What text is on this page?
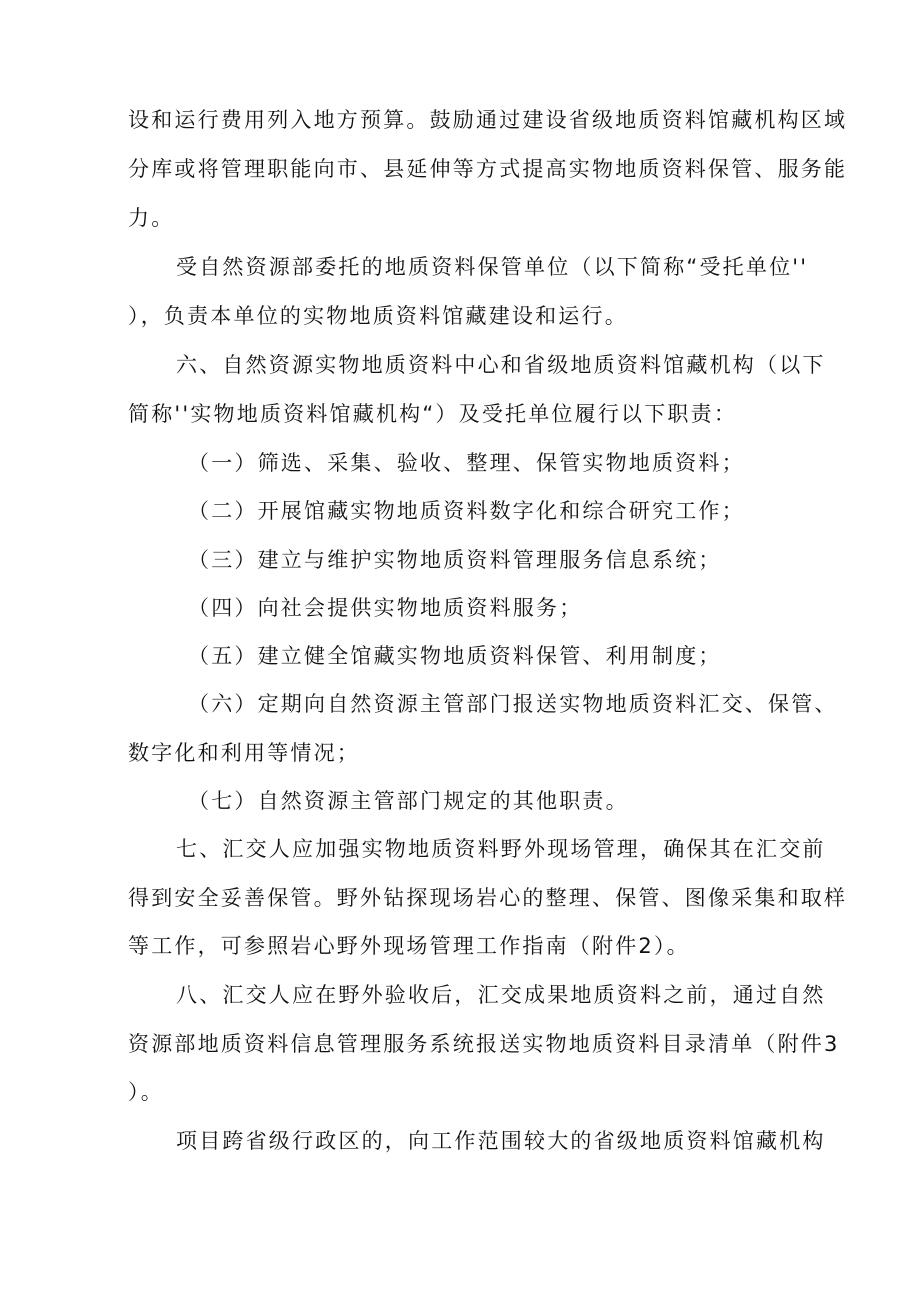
设和运行费用列入地方预算。鼓励通过建设省级地质资料馆藏机构区域
分库或将管理职能向市、县延伸等方式提高实物地质资料保管、服务能
力。
受自然资源部委托的地质资料保管单位（以下简称“受托单位''
），负责本单位的实物地质资料馆藏建设和运行。
六、自然资源实物地质资料中心和省级地质资料馆藏机构（以下
简称''实物地质资料馆藏机构“）及受托单位履行以下职责：
（一）筛选、采集、验收、整理、保管实物地质资料；
（二）开展馆藏实物地质资料数字化和综合研究工作；
（三）建立与维护实物地质资料管理服务信息系统；
（四）向社会提供实物地质资料服务；
（五）建立健全馆藏实物地质资料保管、利用制度；
（六）定期向自然资源主管部门报送实物地质资料汇交、保管、
数字化和利用等情况；
（七）自然资源主管部门规定的其他职责。
七、汇交人应加强实物地质资料野外现场管理，确保其在汇交前
得到安全妥善保管。野外钻探现场岩心的整理、保管、图像采集和取样
等工作，可参照岩心野外现场管理工作指南（附件2）。
八、汇交人应在野外验收后，汇交成果地质资料之前，通过自然
资源部地质资料信息管理服务系统报送实物地质资料目录清单（附件3
）。
项目跨省级行政区的，向工作范围较大的省级地质资料馆藏机构
